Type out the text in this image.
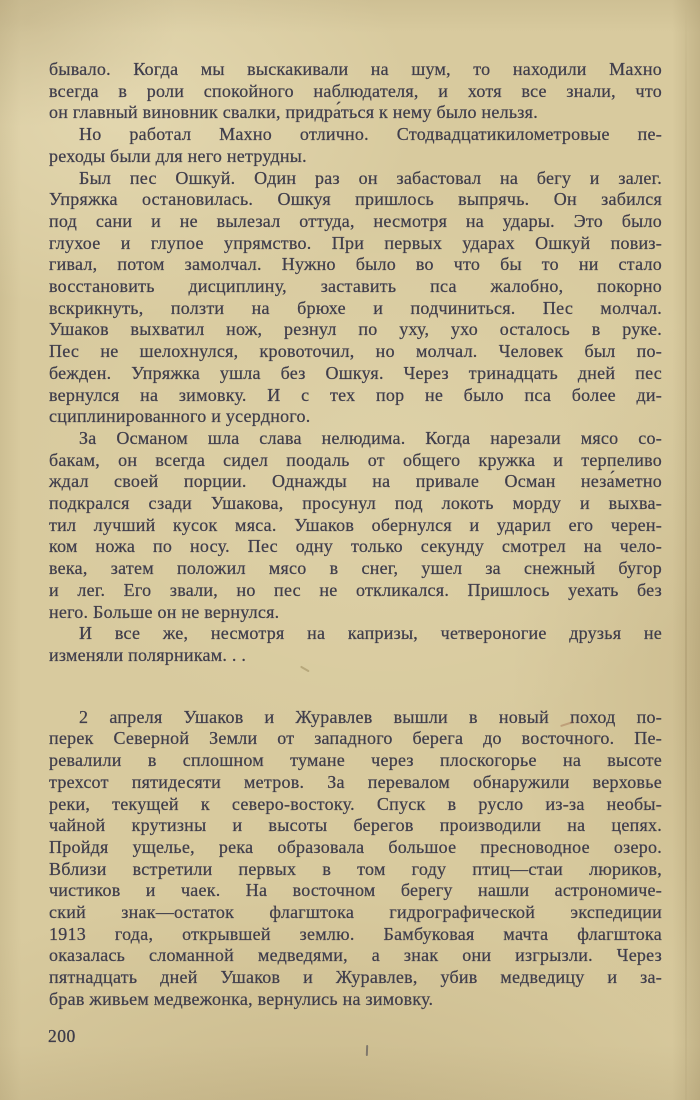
бывало. Когда мы выскакивали на шум, то находили Махно
всегда в роли спокойного наблюдателя, и хотя все знали, что
он главный виновник свалки, придра́ться к нему было нельзя.
Но работал Махно отлично. Стодвадцатикилометровые пе-
реходы были для него нетрудны.
Был пес Ошкуй. Один раз он забастовал на бегу и залег.
Упряжка остановилась. Ошкуя пришлось выпрячь. Он забился
под сани и не вылезал оттуда, несмотря на удары. Это было
глухое и глупое упрямство. При первых ударах Ошкуй повиз-
гивал, потом замолчал. Нужно было во что бы то ни стало
восстановить дисциплину, заставить пса жалобно, покорно
вскрикнуть, ползти на брюхе и подчиниться. Пес молчал.
Ушаков выхватил нож, резнул по уху, ухо осталось в руке.
Пес не шелохнулся, кровоточил, но молчал. Человек был по-
бежден. Упряжка ушла без Ошкуя. Через тринадцать дней пес
вернулся на зимовку. И с тех пор не было пса более ди-
сциплинированного и усердного.
За Османом шла слава нелюдима. Когда нарезали мясо со-
бакам, он всегда сидел поодаль от общего кружка и терпеливо
ждал своей порции. Однажды на привале Осман неза́метно
подкрался сзади Ушакова, просунул под локоть морду и выхва-
тил лучший кусок мяса. Ушаков обернулся и ударил его черен-
ком ножа по носу. Пес одну только секунду смотрел на чело-
века, затем положил мясо в снег, ушел за снежный бугор
и лег. Его звали, но пес не откликался. Пришлось уехать без
него. Больше он не вернулся.
И все же, несмотря на капризы, четвероногие друзья не
изменяли полярникам. . .
2 апреля Ушаков и Журавлев вышли в новый поход по-
перек Северной Земли от западного берега до восточного. Пе-
ревалили в сплошном тумане через плоскогорье на высоте
трехсот пятидесяти метров. За перевалом обнаружили верховье
реки, текущей к северо-востоку. Спуск в русло из-за необы-
чайной крутизны и высоты берегов производили на цепях.
Пройдя ущелье, река образовала большое пресноводное озеро.
Вблизи встретили первых в том году птиц—стаи люриков,
чистиков и чаек. На восточном берегу нашли астрономиче-
ский знак—остаток флагштока гидрографической экспедиции
1913 года, открывшей землю. Бамбуковая мачта флагштока
оказалась сломанной медведями, а знак они изгрызли. Через
пятнадцать дней Ушаков и Журавлев, убив медведицу и за-
брав живьем медвежонка, вернулись на зимовку.
200
